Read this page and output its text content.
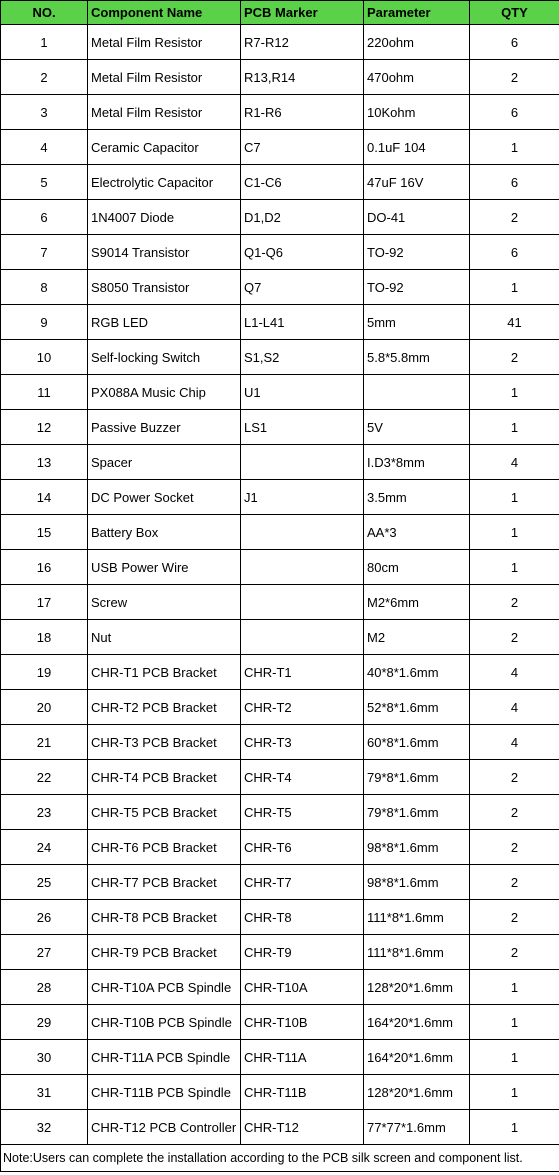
NO.	Component Name	PCB Marker	Parameter	QTY
1	Metal Film Resistor	R7-R12	220ohm	6
2	Metal Film Resistor	R13,R14	470ohm	2
3	Metal Film Resistor	R1-R6	10Kohm	6
4	Ceramic Capacitor	C7	0.1uF 104	1
5	Electrolytic Capacitor	C1-C6	47uF 16V	6
6	1N4007 Diode	D1,D2	DO-41	2
7	S9014 Transistor	Q1-Q6	TO-92	6
8	S8050 Transistor	Q7	TO-92	1
9	RGB LED	L1-L41	5mm	41
10	Self-locking Switch	S1,S2	5.8*5.8mm	2
11	PX088A Music Chip	U1		1
12	Passive Buzzer	LS1	5V	1
13	Spacer		I.D3*8mm	4
14	DC Power Socket	J1	3.5mm	1
15	Battery Box		AA*3	1
16	USB Power Wire		80cm	1
17	Screw		M2*6mm	2
18	Nut		M2	2
19	CHR-T1 PCB Bracket	CHR-T1	40*8*1.6mm	4
20	CHR-T2 PCB Bracket	CHR-T2	52*8*1.6mm	4
21	CHR-T3 PCB Bracket	CHR-T3	60*8*1.6mm	4
22	CHR-T4 PCB Bracket	CHR-T4	79*8*1.6mm	2
23	CHR-T5 PCB Bracket	CHR-T5	79*8*1.6mm	2
24	CHR-T6 PCB Bracket	CHR-T6	98*8*1.6mm	2
25	CHR-T7 PCB Bracket	CHR-T7	98*8*1.6mm	2
26	CHR-T8 PCB Bracket	CHR-T8	111*8*1.6mm	2
27	CHR-T9 PCB Bracket	CHR-T9	111*8*1.6mm	2
28	CHR-T10A PCB Spindle	CHR-T10A	128*20*1.6mm	1
29	CHR-T10B PCB Spindle	CHR-T10B	164*20*1.6mm	1
30	CHR-T11A PCB Spindle	CHR-T11A	164*20*1.6mm	1
31	CHR-T11B PCB Spindle	CHR-T11B	128*20*1.6mm	1
32	CHR-T12 PCB Controller	CHR-T12	77*77*1.6mm	1
Note:Users can complete the installation according to the PCB silk screen and component list.				
